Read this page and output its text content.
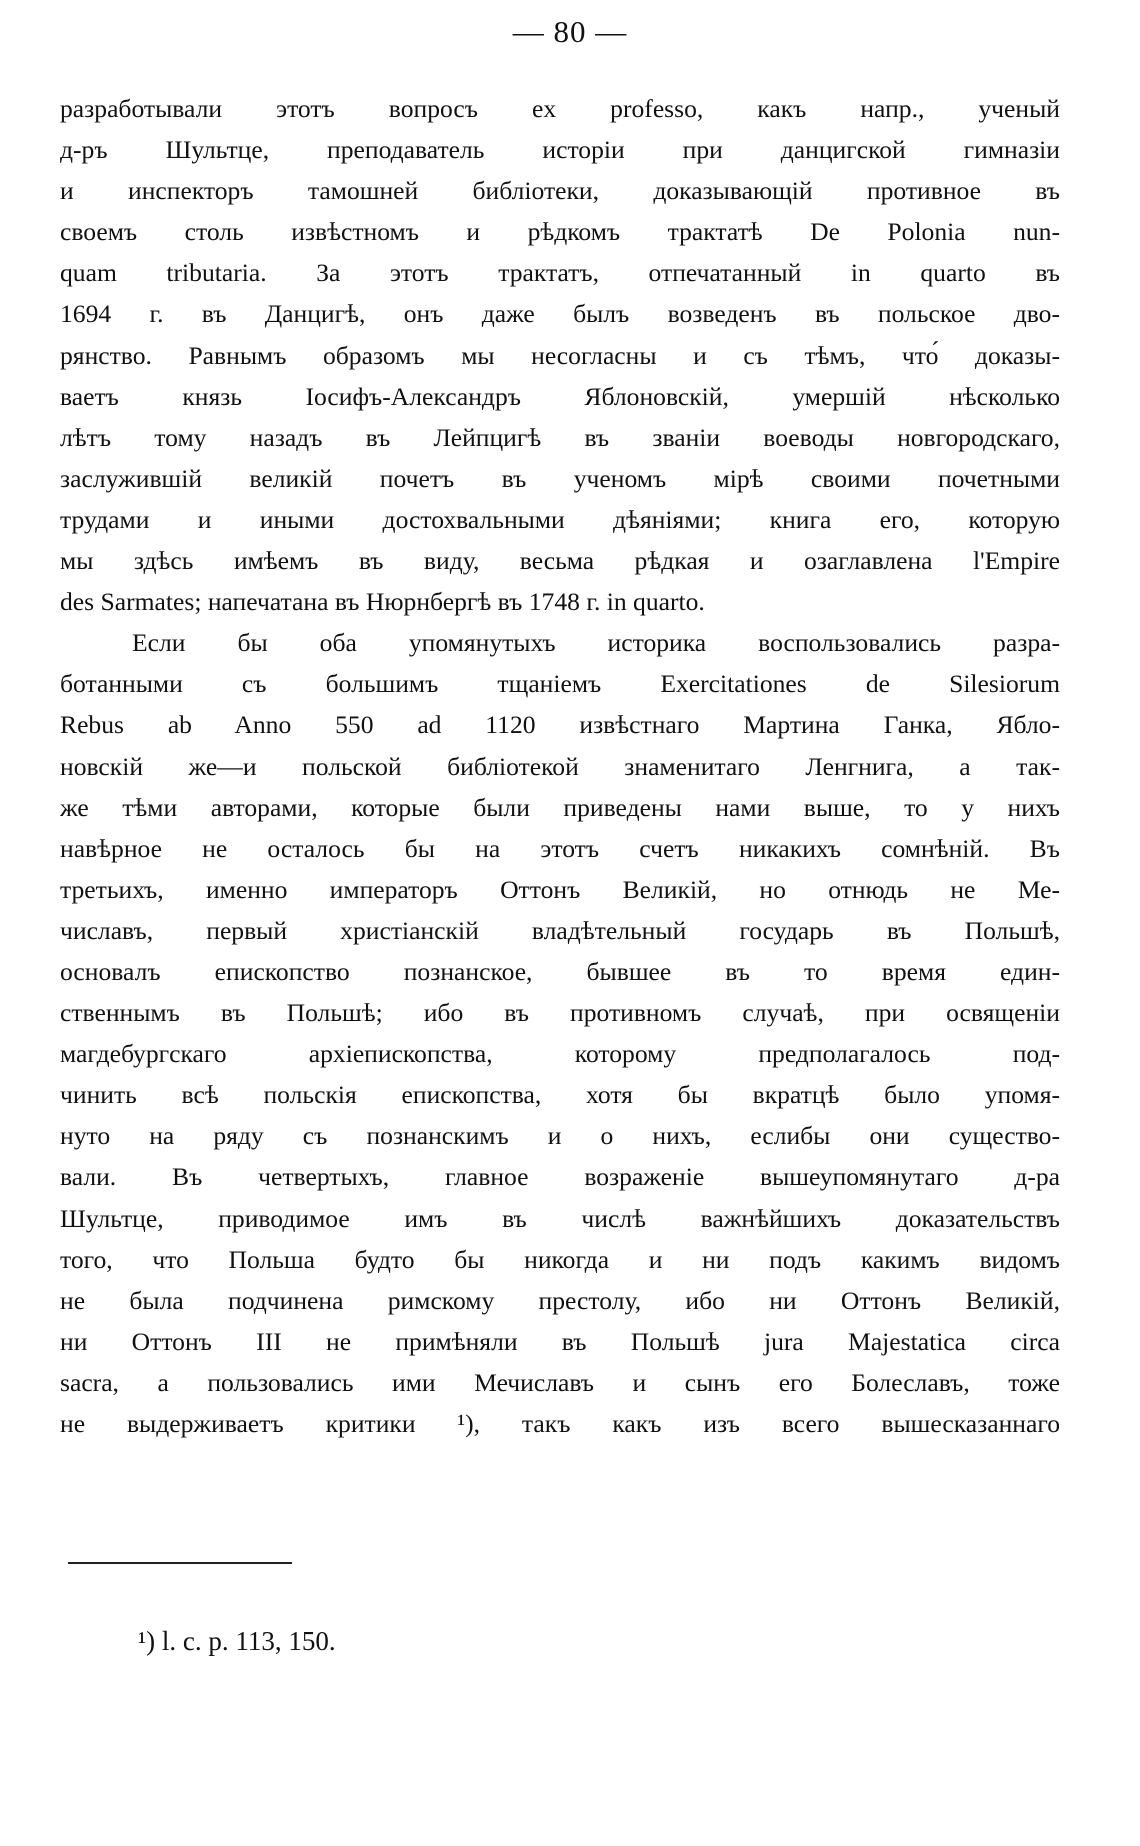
— 80 —
разработывали этотъ вопросъ ex professo, какъ напр., ученый
д-ръ Шультце, преподаватель исторіи при данцигской гимназіи
и инспекторъ тамошней библіотеки, доказывающій противное въ
своемъ столь извѣстномъ и рѣдкомъ трактатѣ De Polonia nun-
quam tributaria. За этотъ трактатъ, отпечатанный in quarto въ
1694 г. въ Данцигѣ, онъ даже былъ возведенъ въ польское дво-
рянство. Равнымъ образомъ мы несогласны и съ тѣмъ, что́ доказы-
ваетъ князь Іосифъ-Александръ Яблоновскій, умершій нѣсколько
лѣтъ тому назадъ въ Лейпцигѣ въ званіи воеводы новгородскаго,
заслужившій великій почетъ въ ученомъ мірѣ своими почетными
трудами и иными достохвальными дѣяніями; книга его, которую
мы здѣсь имѣемъ въ виду, весьма рѣдкая и озаглавлена l'Empire
des Sarmates; напечатана въ Нюрнбергѣ въ 1748 г. in quarto.
Если бы оба упомянутыхъ историка воспользовались разра-
ботанными съ большимъ тщаніемъ Exercitationes de Silesiorum
Rebus ab Anno 550 ad 1120 извѣстнаго Мартина Ганка, Ябло-
новскій же—и польской библіотекой знаменитаго Ленгнига, а так-
же тѣми авторами, которые были приведены нами выше, то у нихъ
навѣрное не осталось бы на этотъ счетъ никакихъ сомнѣній. Въ
третьихъ, именно императоръ Оттонъ Великій, но отнюдь не Ме-
числавъ, первый христіанскій владѣтельный государь въ Польшѣ,
основалъ епископство познанское, бывшее въ то время един-
ственнымъ въ Польшѣ; ибо въ противномъ случаѣ, при освященіи
магдебургскаго архіепископства, которому предполагалось под-
чинить всѣ польскія епископства, хотя бы вкратцѣ было упомя-
нуто на ряду съ познанскимъ и о нихъ, еслибы они существо-
вали. Въ четвертыхъ, главное возраженіе вышеупомянутаго д-ра
Шультце, приводимое имъ въ числѣ важнѣйшихъ доказательствъ
того, что Польша будто бы никогда и ни подъ какимъ видомъ
не была подчинена римскому престолу, ибо ни Оттонъ Великій,
ни Оттонъ III не примѣняли въ Польшѣ jura Majestatica circa
sacra, а пользовались ими Мечиславъ и сынъ его Болеславъ, тоже
не выдерживаетъ критики ¹), такъ какъ изъ всего вышесказаннаго
¹) l. c. p. 113, 150.
